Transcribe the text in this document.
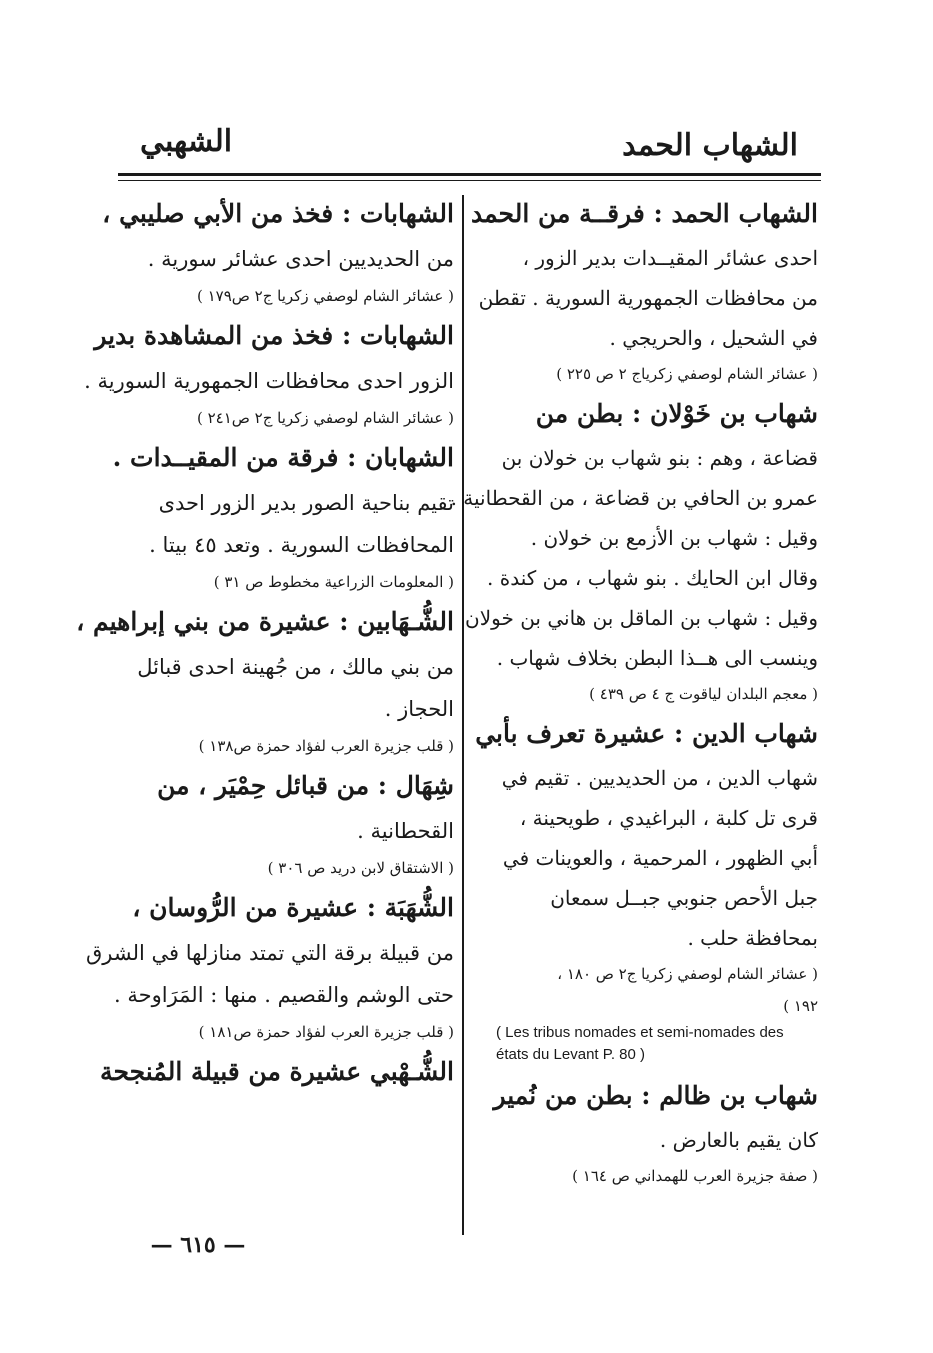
الشهاب الحمد
الشهبي
الشهاب الحمد : فرقــة من الحمد
احدى عشائر المقيــدات بدير الزور ،
من محافظات الجمهورية السورية . تقطن
في الشحيل ، والحريجي .
( عشائر الشام لوصفي زكرياج ٢ ص ٢٢٥ )
شهاب بن خَوْلان : بطن من
قضاعة ، وهم : بنو شهاب بن خولان بن
عمرو بن الحافي بن قضاعة ، من القحطانية .
وقيل : شهاب بن الأزمع بن خولان .
وقال ابن الحايك . بنو شهاب ، من كندة .
وقيل : شهاب بن الماقل بن هاني بن خولان
وينسب الى هــذا البطن بخلاف شهاب .
( معجم البلدان لياقوت ج ٤ ص ٤٣٩ )
شهاب الدين : عشيرة تعرف بأبي
شهاب الدين ، من الحديديين . تقيم في
قرى تل كلبة ، البراغيدي ، طويحينة ،
أبي الظهور ، المرحمية ، والعوينات في
جبل الأحص جنوبي جبــل سمعان
بمحافظة حلب .
( عشائر الشام لوصفي زكريا ج٢ ص ١٨٠ ،
١٩٢ )
( Les tribus nomades et semi-nomades des états du Levant P. 80 )
شهاب بن ظالم : بطن من نُمير
كان يقيم بالعارض .
( صفة جزيرة العرب للهمداني ص ١٦٤ )
الشهابات : فخذ من الأبي صليبي ،
من الحديديين احدى عشائر سورية .
( عشائر الشام لوصفي زكريا ج٢ ص١٧٩ )
الشهابات : فخذ من المشاهدة بدير
الزور احدى محافظات الجمهورية السورية .
( عشائر الشام لوصفي زكريا ج٢ ص٢٤١ )
الشهابان : فرقة من المقيــدات .
تقيم بناحية الصور بدير الزور احدى
المحافظات السورية . وتعد ٤٥ بيتا .
( المعلومات الزراعية مخطوط ص ٣١ )
الشُّـهَابين : عشيرة من بني إبراهيم ،
من بني مالك ، من جُهينة احدى قبائل
الحجاز .
( قلب جزيرة العرب لفؤاد حمزة ص١٣٨ )
شِهَال : من قبائل حِمْيَر ، من
القحطانية .
( الاشتقاق لابن دريد ص ٣٠٦ )
الشُّهَبَة : عشيرة من الرُّوسان ،
من قبيلة برقة التي تمتد منازلها في الشرق
حتى الوشم والقصيم . منها : المَرَاوحة .
( قلب جزيرة العرب لفؤاد حمزة ص١٨١ )
الشُّـهْبي عشيرة من قبيلة المُنجحة
— ٦١٥ —
